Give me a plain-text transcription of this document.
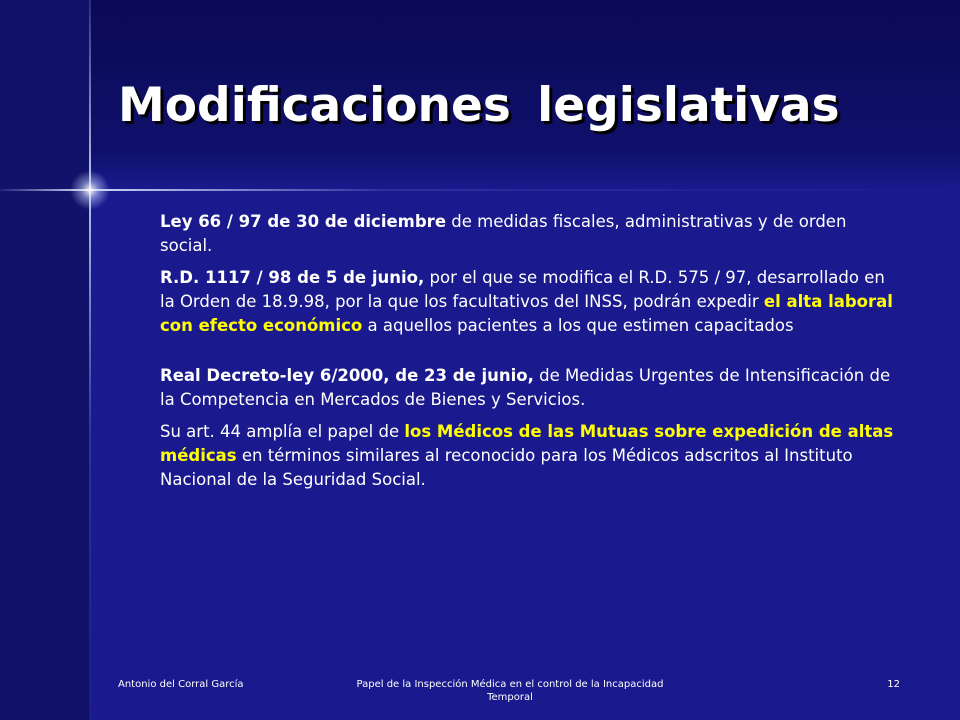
Modificaciones legislativas

Ley 66 / 97 de 30 de diciembre de medidas fiscales, administrativas y de orden social.

R.D. 1117 / 98 de 5 de junio, por el que se modifica el R.D. 575 / 97, desarrollado en la Orden de 18.9.98, por la que los facultativos del INSS, podrán expedir el alta laboral con efecto económico a aquellos pacientes a los que estimen capacitados

Real Decreto-ley 6/2000, de 23 de junio, de Medidas Urgentes de Intensificación de la Competencia en Mercados de Bienes y Servicios.

Su art. 44 amplía el papel de los Médicos de las Mutuas sobre expedición de altas médicas en términos similares al reconocido para los Médicos adscritos al Instituto Nacional de la Seguridad Social.

Antonio del Corral García	Papel de la Inspección Médica en el control de la Incapacidad Temporal
12
